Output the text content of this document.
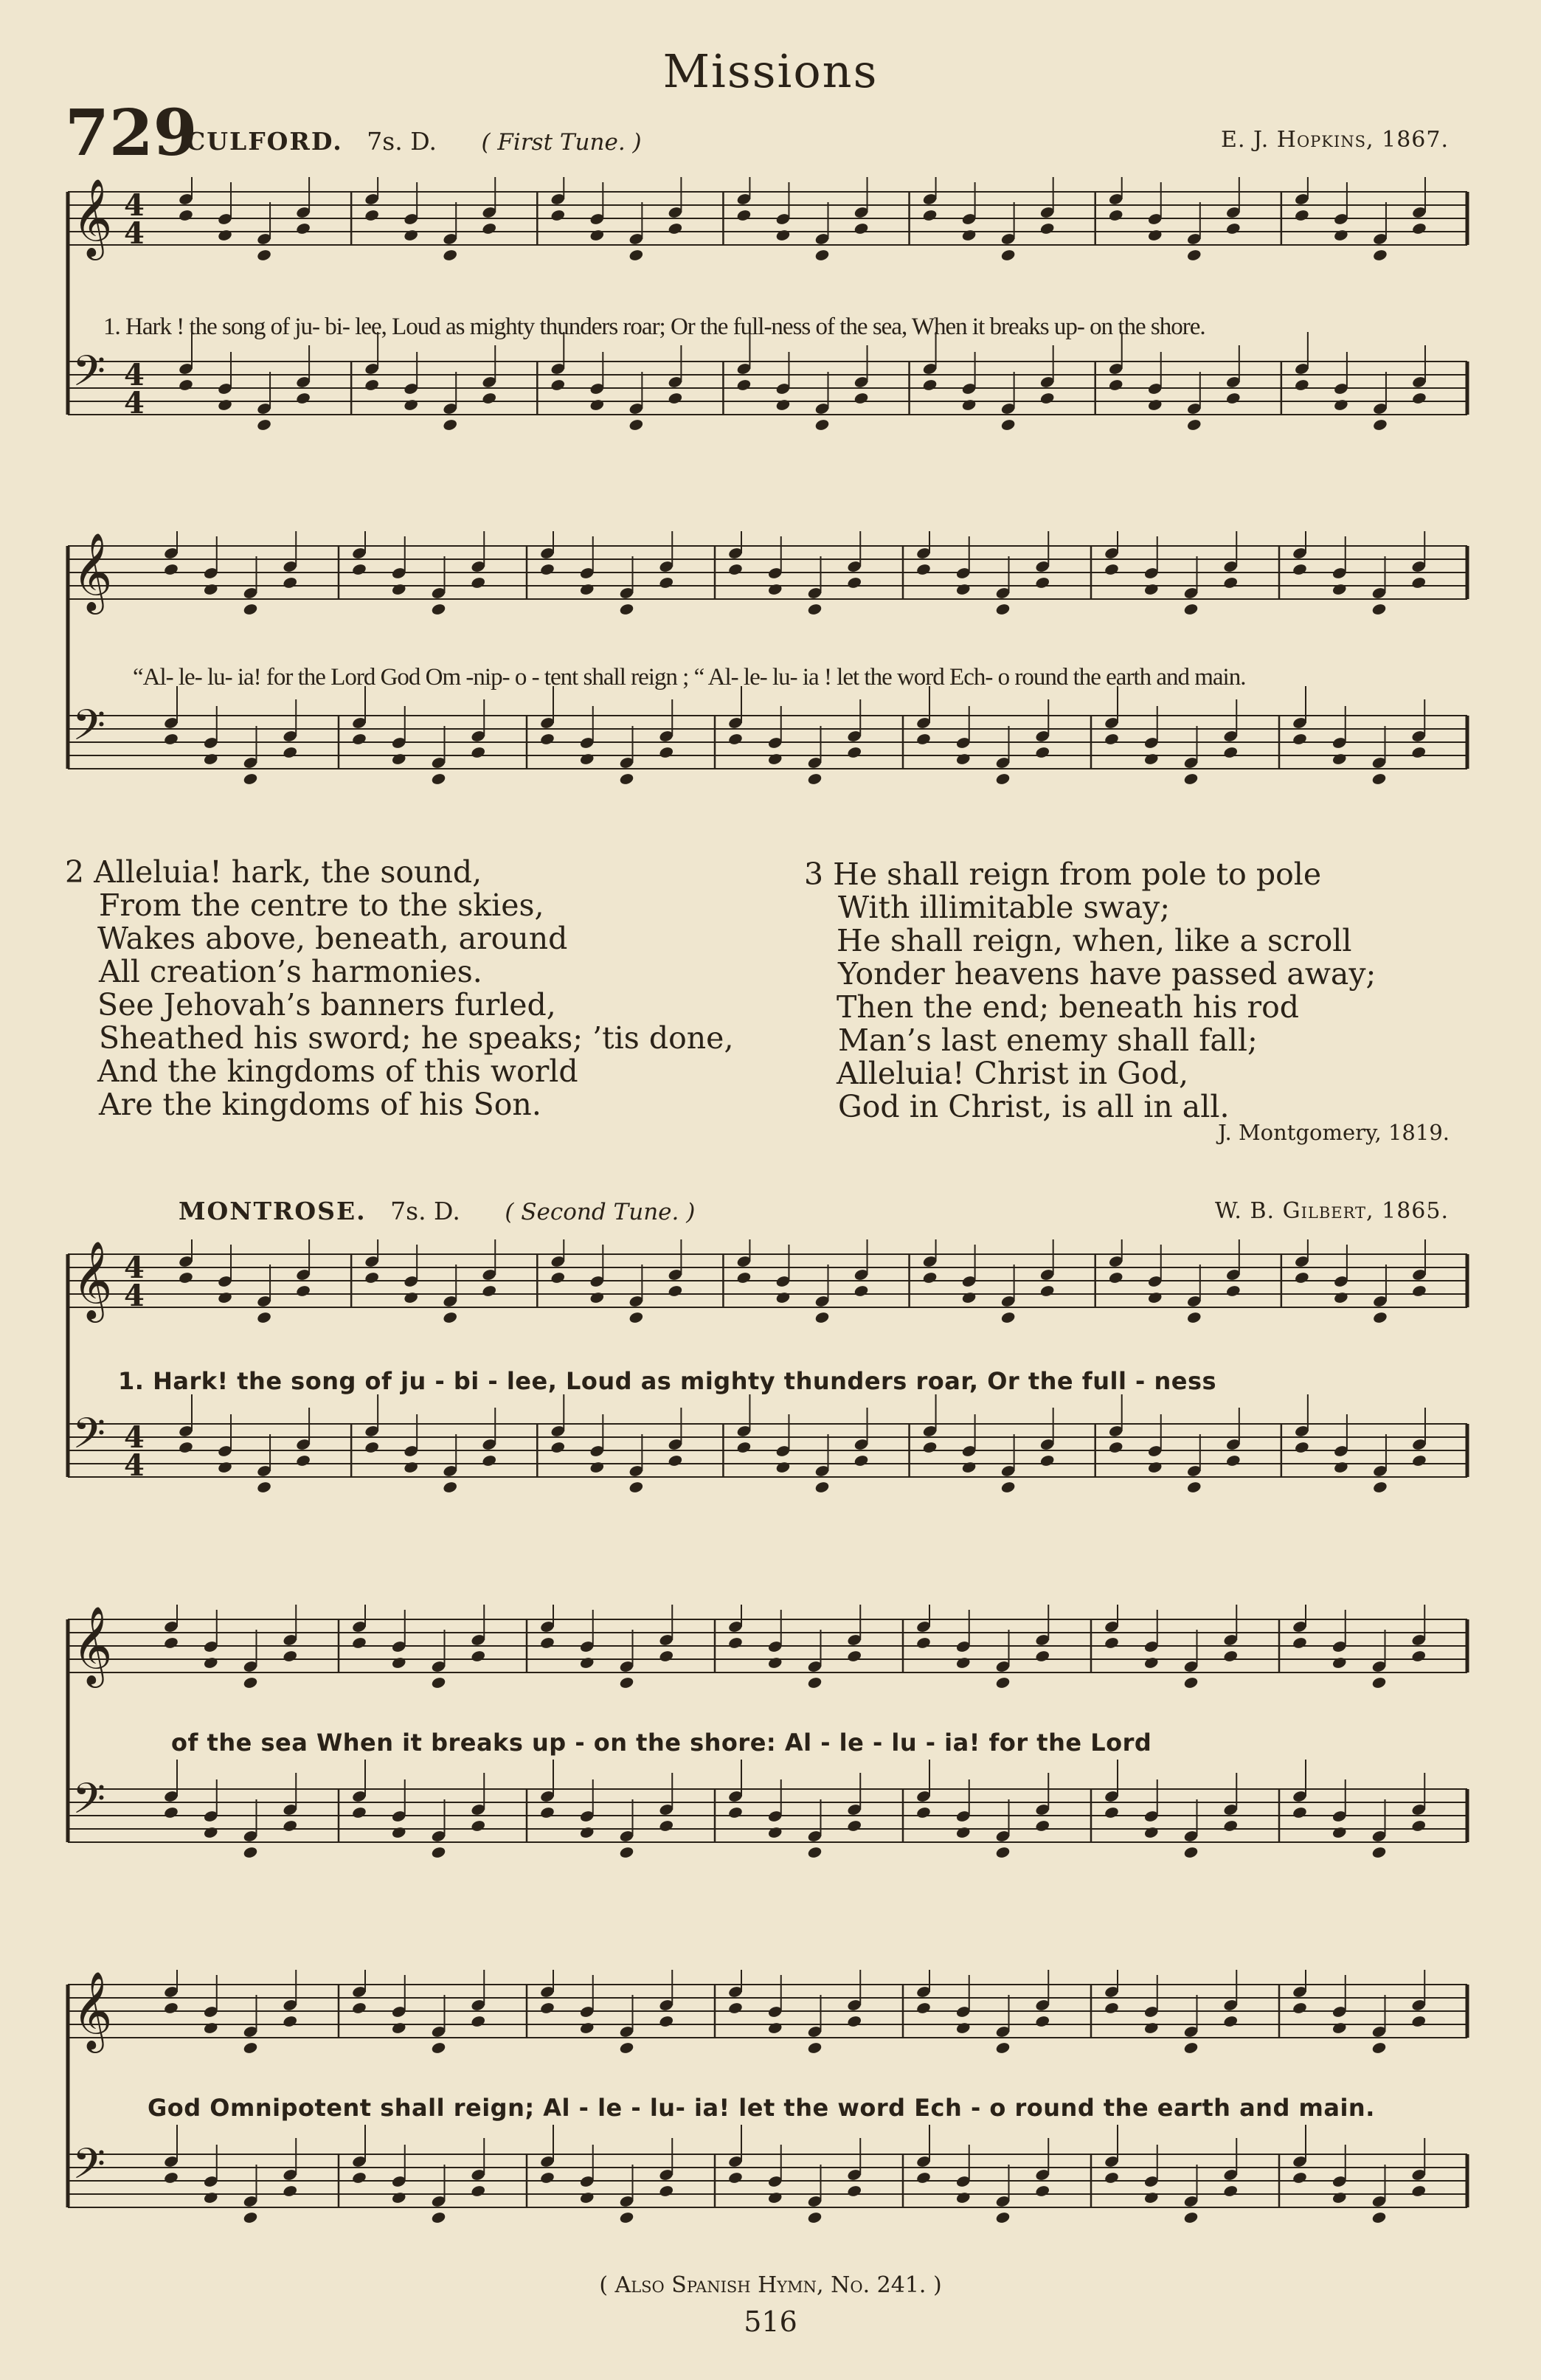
Missions
729
CULFORD. 7s. D. ( First Tune. )	E. J. Hopkins, 1867.
𝄞 4
4
𝄢 4
4
1. Hark ! the song of ju- bi- lee, Loud as mighty thunders roar; Or the full-ness of the sea, When it breaks up- on the shore.
𝄞
𝄢
“Al- le- lu- ia! for the Lord God Om -nip- o - tent shall reign ; “ Al- le- lu- ia ! let the word Ech- o round the earth and main.
2 Alleluia! hark, the sound,
From the centre to the skies,
Wakes above, beneath, around
All creation’s harmonies.
See Jehovah’s banners furled,
Sheathed his sword; he speaks; ’tis done,
And the kingdoms of this world
Are the kingdoms of his Son.
3 He shall reign from pole to pole
With illimitable sway;
He shall reign, when, like a scroll
Yonder heavens have passed away;
Then the end; beneath his rod
Man’s last enemy shall fall;
Alleluia! Christ in God,
God in Christ, is all in all.
J. Montgomery, 1819.
MONTROSE. 7s. D. ( Second Tune. )	W. B. Gilbert, 1865.
𝄞 4
4
𝄢 4
4
1. Hark! the song of ju - bi - lee, Loud as mighty thunders roar, Or the full - ness
𝄞
𝄢
of the sea When it breaks up - on the shore: Al - le - lu - ia! for the Lord
𝄞
𝄢
God Omnipotent shall reign; Al - le - lu- ia! let the word Ech - o round the earth and main.
( Also Spanish Hymn, No. 241. )
516
